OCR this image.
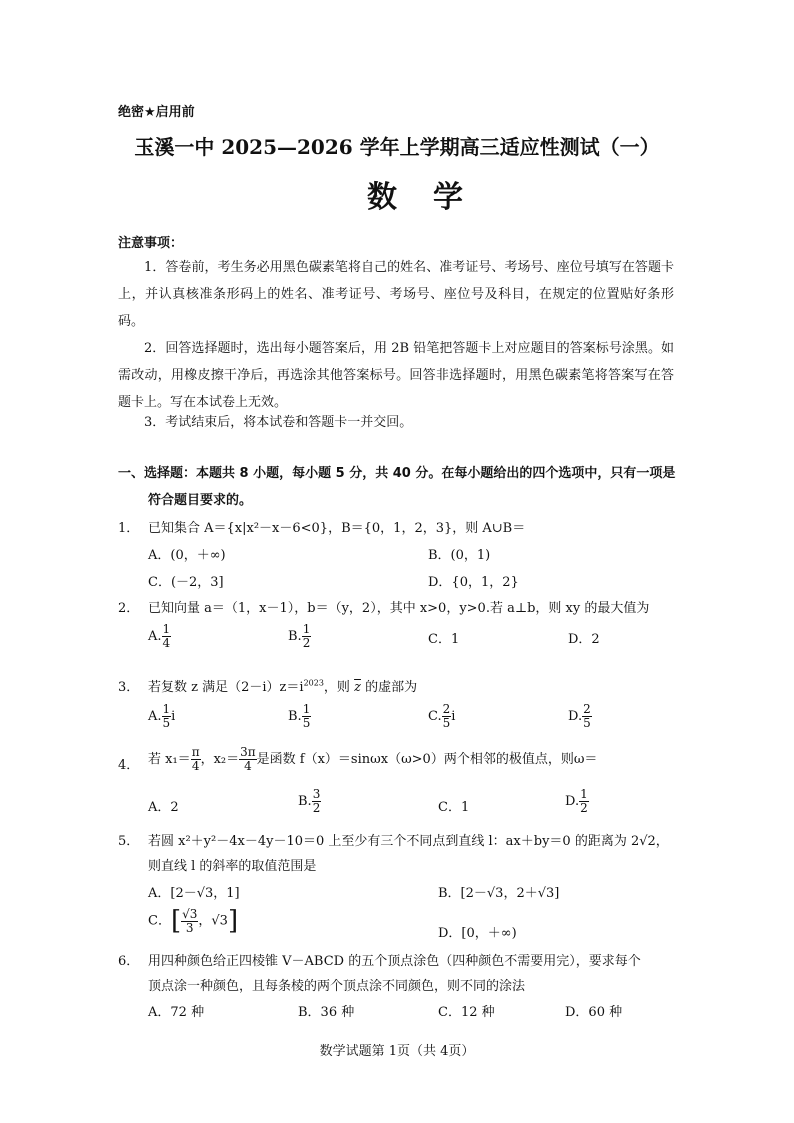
绝密★启用前
玉溪一中 2025—2026 学年上学期高三适应性测试（一）
数学
注意事项：
1．答卷前，考生务必用黑色碳素笔将自己的姓名、准考证号、考场号、座位号填写在答题卡上，并认真核准条形码上的姓名、准考证号、考场号、座位号及科目，在规定的位置贴好条形码。
2．回答选择题时，选出每小题答案后，用 2B 铅笔把答题卡上对应题目的答案标号涂黑。如需改动，用橡皮擦干净后，再选涂其他答案标号。回答非选择题时，用黑色碳素笔将答案写在答题卡上。写在本试卷上无效。
3．考试结束后，将本试卷和答题卡一并交回。
一、选择题：本题共 8 小题，每小题 5 分，共 40 分。在每小题给出的四个选项中，只有一项是符合题目要求的。
1． 已知集合 A＝{x|x²－x－6<0}，B＝{0，1，2，3}，则 A∪B＝
A．(0，＋∞)	B．(0，1)
C．(－2，3]	D．{0，1，2}
2． 已知向量 a＝（1，x－1），b＝（y，2），其中 x>0，y>0.若 a⊥b，则 xy 的最大值为
A. $\frac{1}{4}$	B. $\frac{1}{2}$	C．1	D．2
3． 若复数 z 满足$(2-i)z=i^{2023}$，则 $\overline{z}$ 的虚部为
A. $\frac{1}{5}$ i	B. $\frac{1}{5}$	C. $\frac{2}{5}$ i	D. $\frac{2}{5}$
4． 若 $x_1= \frac{\pi}{4}$ ，$x_2= \frac{3\pi}{4}$ 是函数 f（x）＝sinωx（ω>0）两个相邻的极值点，则ω＝
A．2	B. $\frac{3}{2}$	C．1	D. $\frac{1}{2}$
5． 若圆 x²＋y²－4x－4y－10＝0 上至少有三个不同点到直线 l：ax＋by＝0 的距离为 2√2，
则直线 l 的斜率的取值范围是
A．[2－√3，1]	B．[2－√3，2＋√3]
C．[ $\frac{√3}{3}$ ，√3]	D．[0，＋∞)
6． 用四种颜色给正四棱锥 V－ABCD 的五个顶点涂色（四种颜色不需要用完），要求每个
顶点涂一种颜色，且每条棱的两个顶点涂不同颜色，则不同的涂法
A．72 种	B．36 种	C．12 种	D．60 种
数学试题第 1页（共 4页）
